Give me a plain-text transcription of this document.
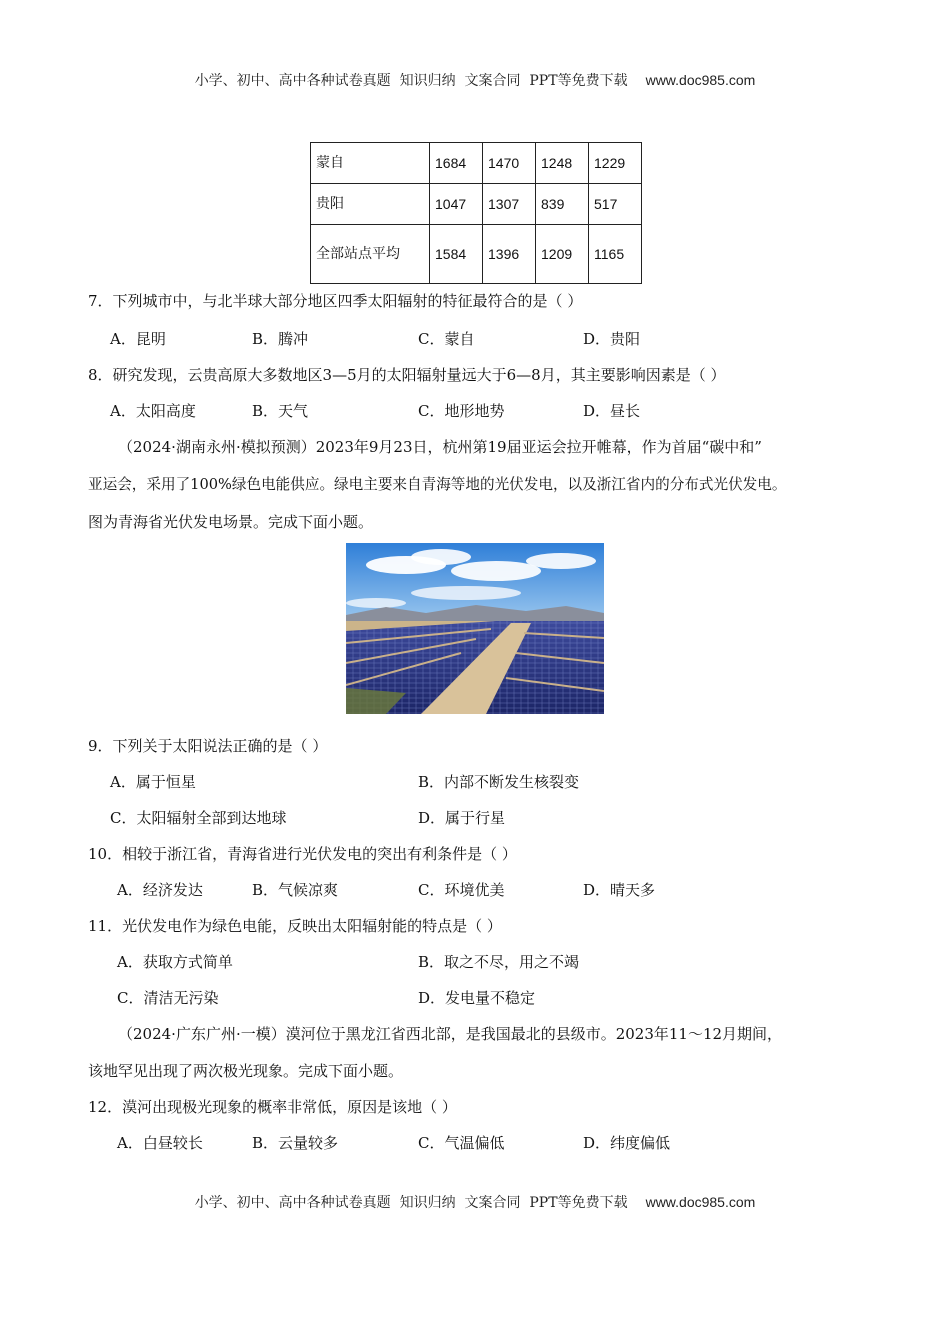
小学、初中、高中各种试卷真题  知识归纳  文案合同  PPT等免费下载 www.doc985.com
蒙自	1684	1470	1248	1229
贵阳	1047	1307	839	517
全部站点平均	1584	1396	1209	1165
7．下列城市中，与北半球大部分地区四季太阳辐射的特征最符合的是（ ）
A．昆明	B．腾冲	C．蒙自	D．贵阳
8．研究发现，云贵高原大多数地区3—5月的太阳辐射量远大于6—8月，其主要影响因素是（ ）
A．太阳高度	B．天气	C．地形地势	D．昼长
（2024·湖南永州·模拟预测）2023年9月23日，杭州第19届亚运会拉开帷幕，作为首届“碳中和”
亚运会，采用了100%绿色电能供应。绿电主要来自青海等地的光伏发电，以及浙江省内的分布式光伏发电。
图为青海省光伏发电场景。完成下面小题。
9．下列关于太阳说法正确的是（ ）
A．属于恒星	B．内部不断发生核裂变
C．太阳辐射全部到达地球	D．属于行星
10．相较于浙江省，青海省进行光伏发电的突出有利条件是（ ）
A．经济发达	B．气候凉爽	C．环境优美	D．晴天多
11．光伏发电作为绿色电能，反映出太阳辐射能的特点是（ ）
A．获取方式简单	B．取之不尽，用之不竭
C．清洁无污染	D．发电量不稳定
（2024·广东广州·一模）漠河位于黑龙江省西北部，是我国最北的县级市。2023年11～12月期间，
该地罕见出现了两次极光现象。完成下面小题。
12．漠河出现极光现象的概率非常低，原因是该地（ ）
A．白昼较长	B．云量较多	C．气温偏低	D．纬度偏低
小学、初中、高中各种试卷真题  知识归纳  文案合同  PPT等免费下载 www.doc985.com
